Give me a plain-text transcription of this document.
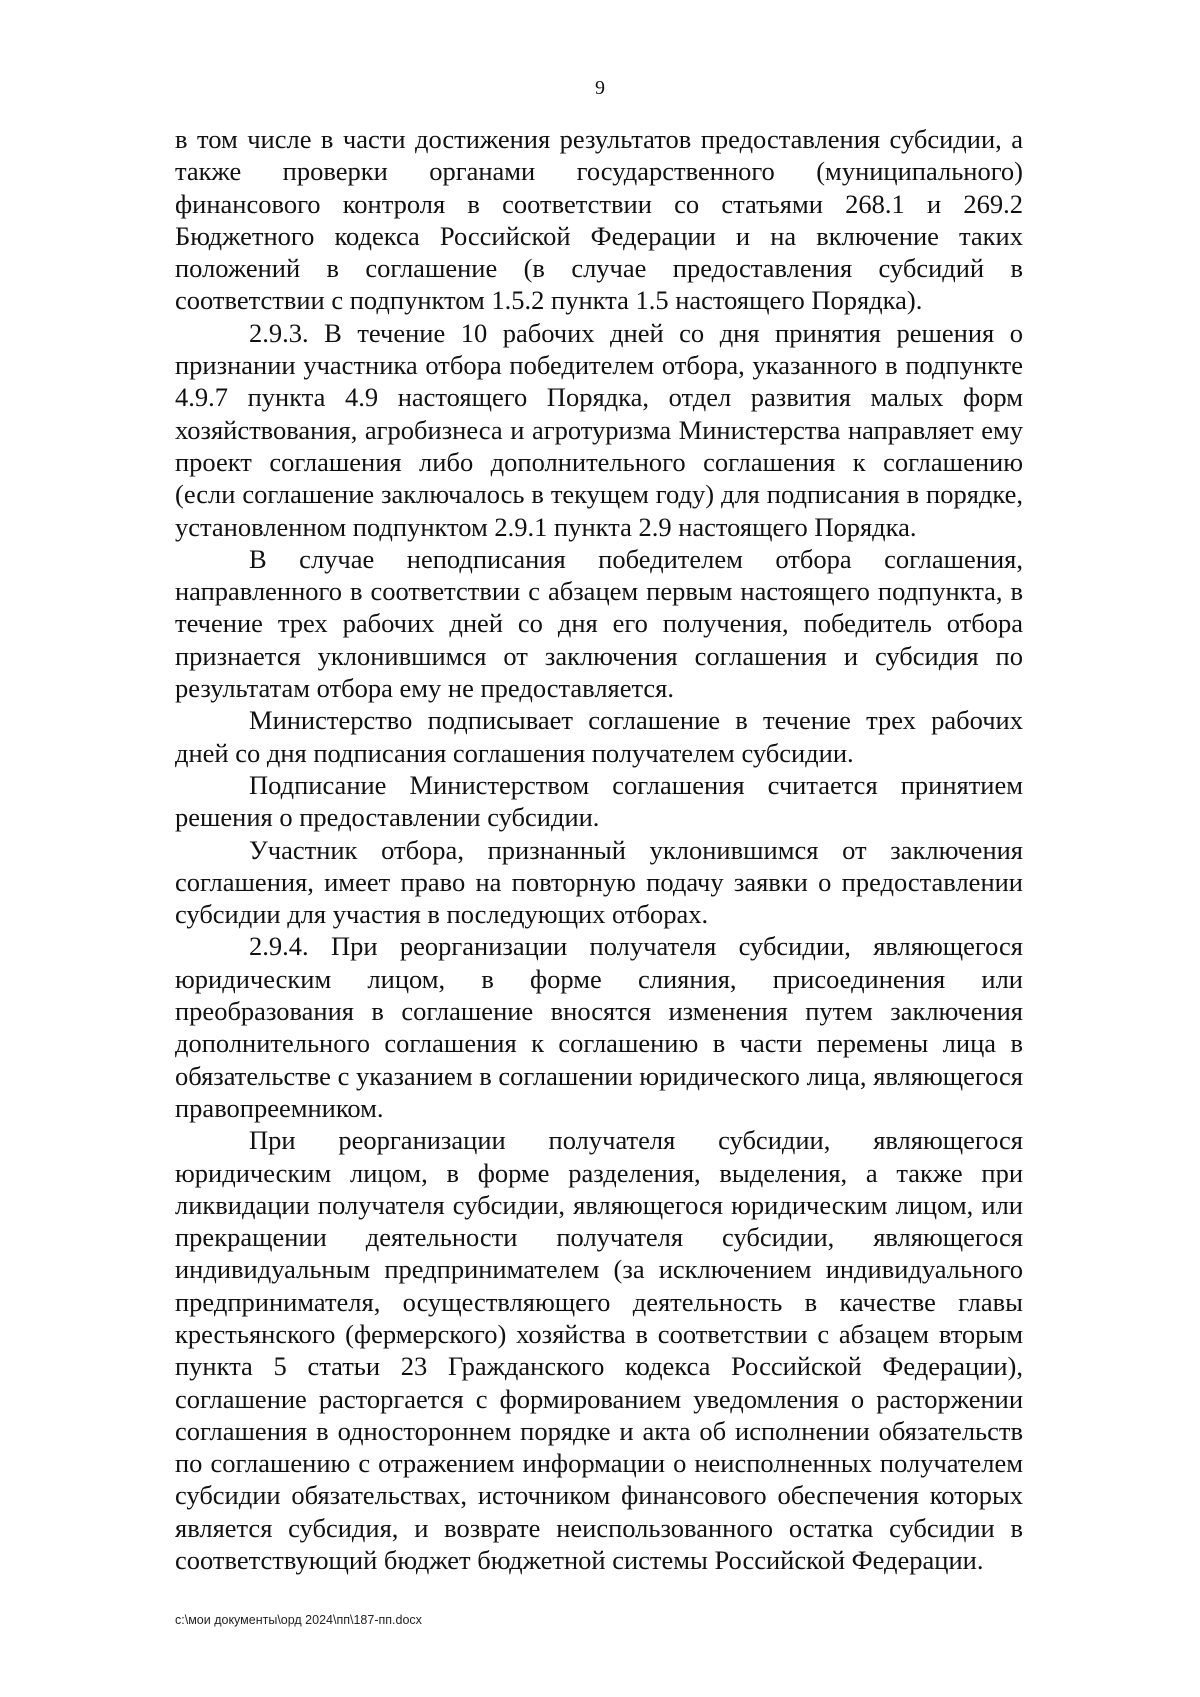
9

в том числе в части достижения результатов предоставления субсидии, а также проверки органами государственного (муниципального) финансового контроля в соответствии со статьями 268.1 и 269.2 Бюджетного кодекса Российской Федерации и на включение таких положений в соглашение (в случае предоставления субсидий в соответствии с подпунктом 1.5.2 пункта 1.5 настоящего Порядка).

2.9.3. В течение 10 рабочих дней со дня принятия решения о признании участника отбора победителем отбора, указанного в подпункте 4.9.7 пункта 4.9 настоящего Порядка, отдел развития малых форм хозяйствования, агробизнеса и агротуризма Министерства направляет ему проект соглашения либо дополнительного соглашения к соглашению (если соглашение заключалось в текущем году) для подписания в порядке, установленном подпунктом 2.9.1 пункта 2.9 настоящего Порядка.

В случае неподписания победителем отбора соглашения, направленного в соответствии с абзацем первым настоящего подпункта, в течение трех рабочих дней со дня его получения, победитель отбора признается уклонившимся от заключения соглашения и субсидия по результатам отбора ему не предоставляется.

Министерство подписывает соглашение в течение трех рабочих дней со дня подписания соглашения получателем субсидии.

Подписание Министерством соглашения считается принятием решения о предоставлении субсидии.

Участник отбора, признанный уклонившимся от заключения соглашения, имеет право на повторную подачу заявки о предоставлении субсидии для участия в последующих отборах.

2.9.4. При реорганизации получателя субсидии, являющегося юридическим лицом, в форме слияния, присоединения или преобразования в соглашение вносятся изменения путем заключения дополнительного соглашения к соглашению в части перемены лица в обязательстве с указанием в соглашении юридического лица, являющегося правопреемником.

При реорганизации получателя субсидии, являющегося юридическим лицом, в форме разделения, выделения, а также при ликвидации получателя субсидии, являющегося юридическим лицом, или прекращении деятельности получателя субсидии, являющегося индивидуальным предпринимателем (за исключением индивидуального предпринимателя, осуществляющего деятельность в качестве главы крестьянского (фермерского) хозяйства в соответствии с абзацем вторым пункта 5 статьи 23 Гражданского кодекса Российской Федерации), соглашение расторгается с формированием уведомления о расторжении соглашения в одностороннем порядке и акта об исполнении обязательств по соглашению с отражением информации о неисполненных получателем субсидии обязательствах, источником финансового обеспечения которых является субсидия, и возврате неиспользованного остатка субсидии в соответствующий бюджет бюджетной системы Российской Федерации.

c:\мои документы\орд 2024\пп\187-пп.docx
